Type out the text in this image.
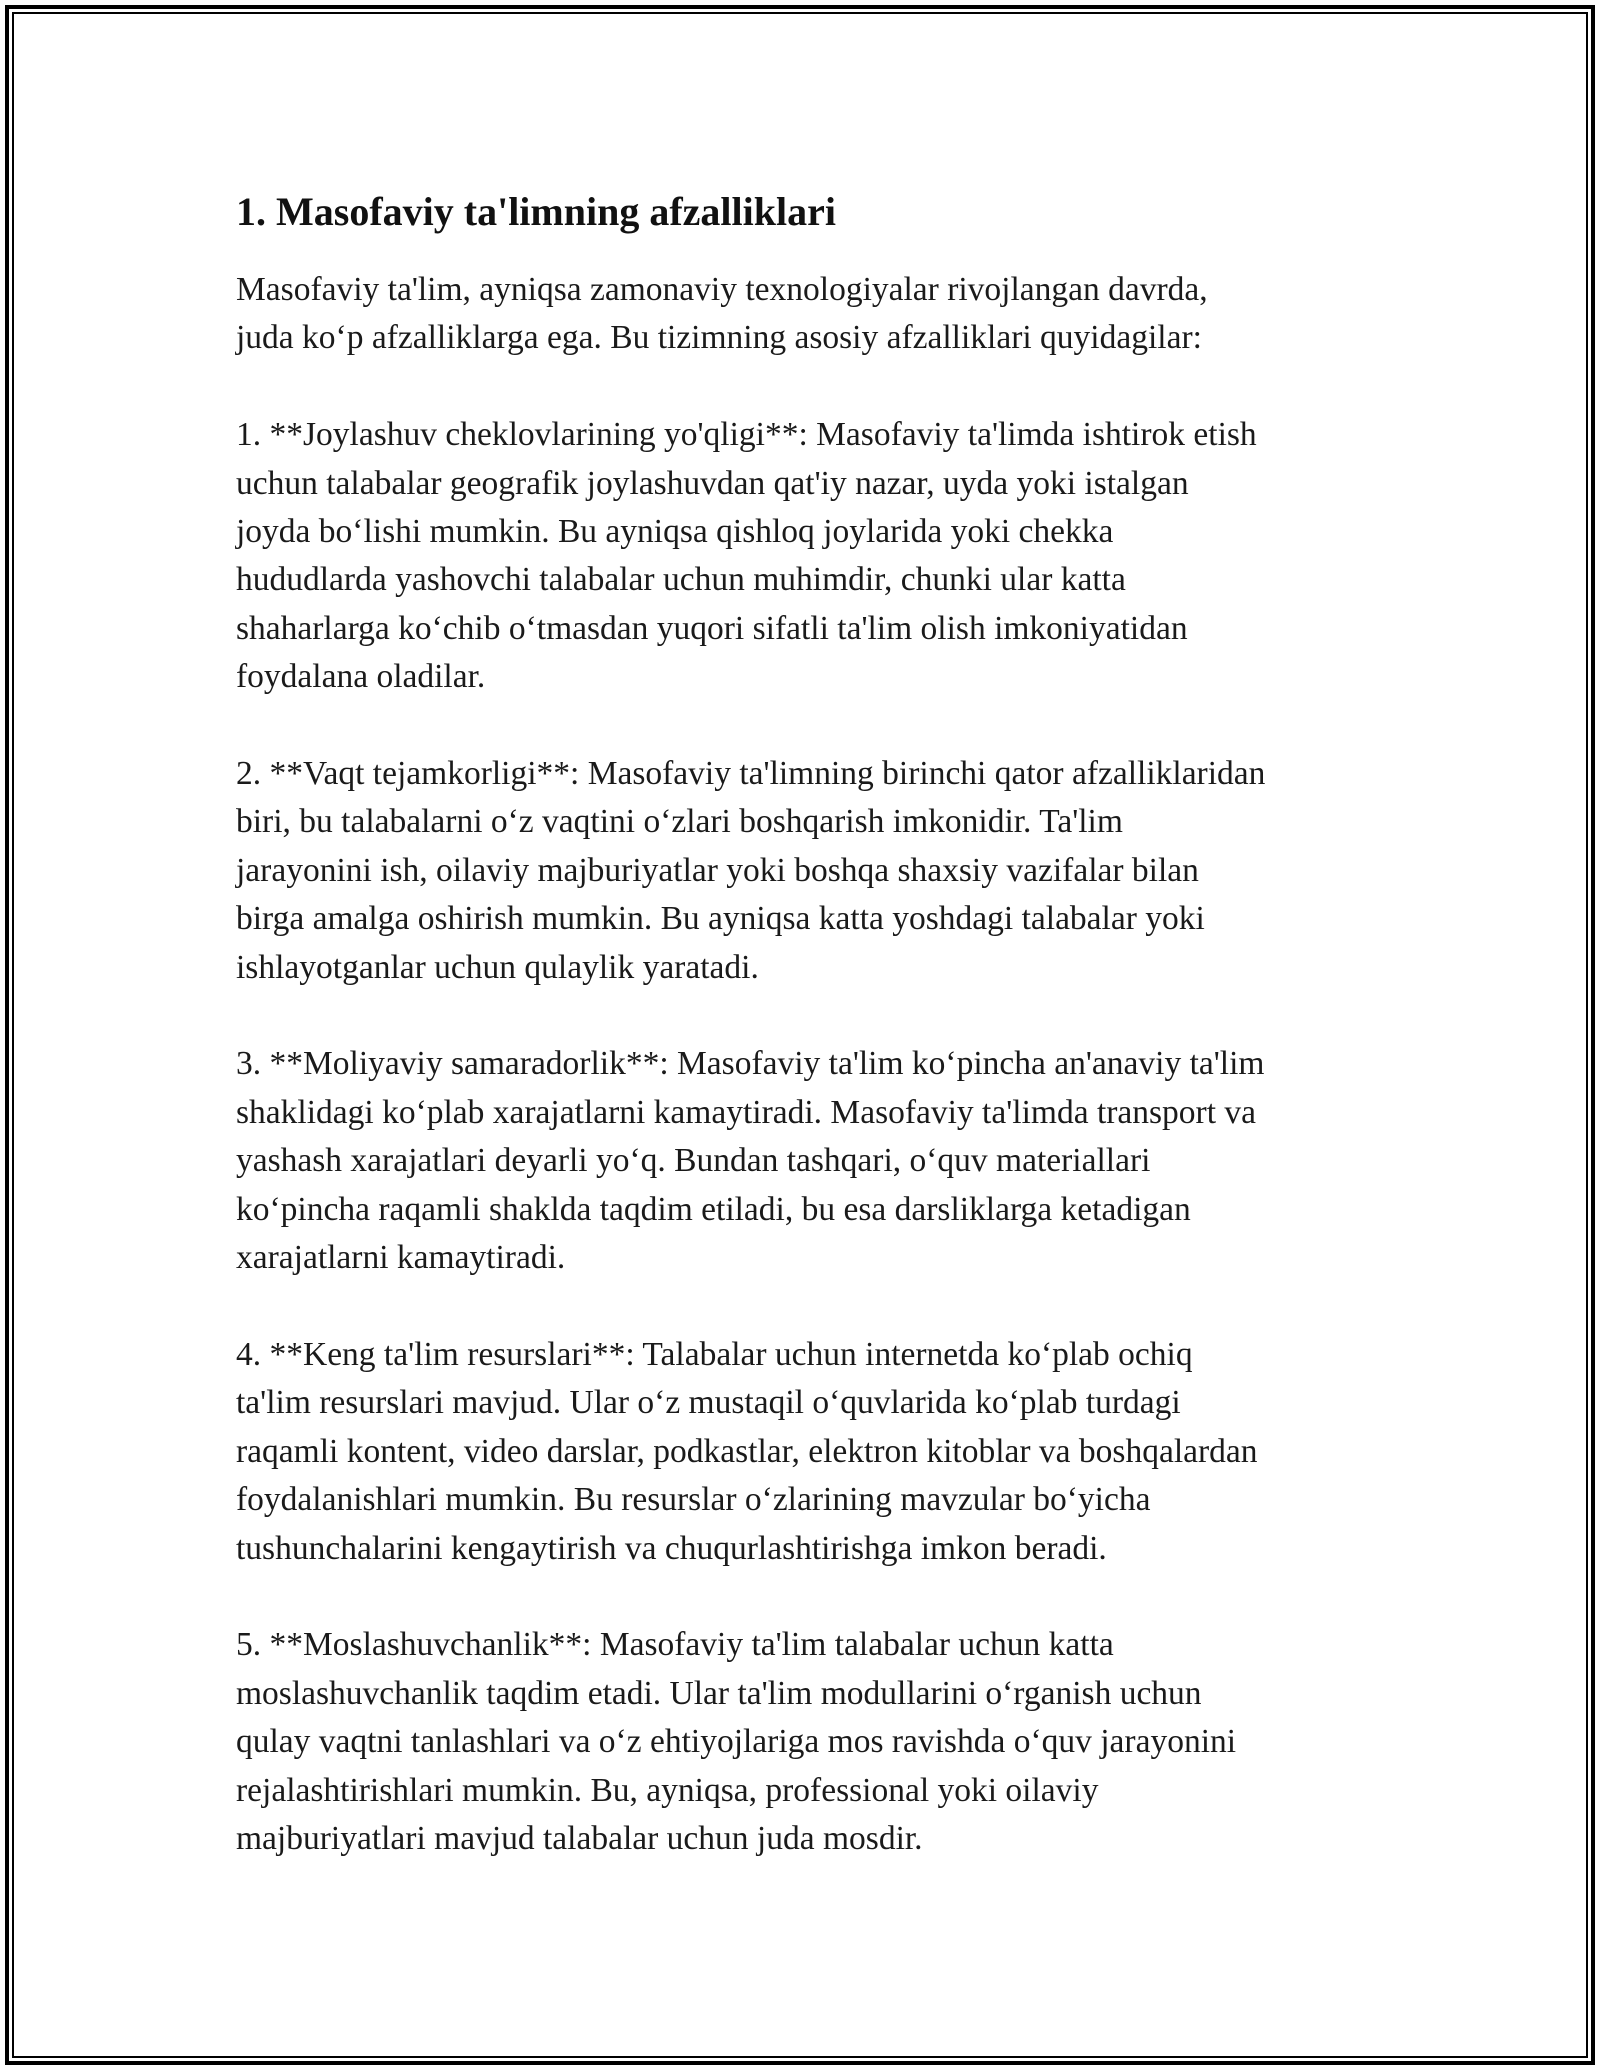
1. Masofaviy ta'limning afzalliklari

Masofaviy ta'lim, ayniqsa zamonaviy texnologiyalar rivojlangan davrda,
juda ko‘p afzalliklarga ega. Bu tizimning asosiy afzalliklari quyidagilar:

1. **Joylashuv cheklovlarining yo'qligi**: Masofaviy ta'limda ishtirok etish
uchun talabalar geografik joylashuvdan qat'iy nazar, uyda yoki istalgan
joyda bo‘lishi mumkin. Bu ayniqsa qishloq joylarida yoki chekka
hududlarda yashovchi talabalar uchun muhimdir, chunki ular katta
shaharlarga ko‘chib o‘tmasdan yuqori sifatli ta'lim olish imkoniyatidan
foydalana oladilar.

2. **Vaqt tejamkorligi**: Masofaviy ta'limning birinchi qator afzalliklaridan
biri, bu talabalarni o‘z vaqtini o‘zlari boshqarish imkonidir. Ta'lim
jarayonini ish, oilaviy majburiyatlar yoki boshqa shaxsiy vazifalar bilan
birga amalga oshirish mumkin. Bu ayniqsa katta yoshdagi talabalar yoki
ishlayotganlar uchun qulaylik yaratadi.

3. **Moliyaviy samaradorlik**: Masofaviy ta'lim ko‘pincha an'anaviy ta'lim
shaklidagi ko‘plab xarajatlarni kamaytiradi. Masofaviy ta'limda transport va
yashash xarajatlari deyarli yo‘q. Bundan tashqari, o‘quv materiallari
ko‘pincha raqamli shaklda taqdim etiladi, bu esa darsliklarga ketadigan
xarajatlarni kamaytiradi.

4. **Keng ta'lim resurslari**: Talabalar uchun internetda ko‘plab ochiq
ta'lim resurslari mavjud. Ular o‘z mustaqil o‘quvlarida ko‘plab turdagi
raqamli kontent, video darslar, podkastlar, elektron kitoblar va boshqalardan
foydalanishlari mumkin. Bu resurslar o‘zlarining mavzular bo‘yicha
tushunchalarini kengaytirish va chuqurlashtirishga imkon beradi.

5. **Moslashuvchanlik**: Masofaviy ta'lim talabalar uchun katta
moslashuvchanlik taqdim etadi. Ular ta'lim modullarini o‘rganish uchun
qulay vaqtni tanlashlari va o‘z ehtiyojlariga mos ravishda o‘quv jarayonini
rejalashtirishlari mumkin. Bu, ayniqsa, professional yoki oilaviy
majburiyatlari mavjud talabalar uchun juda mosdir.
